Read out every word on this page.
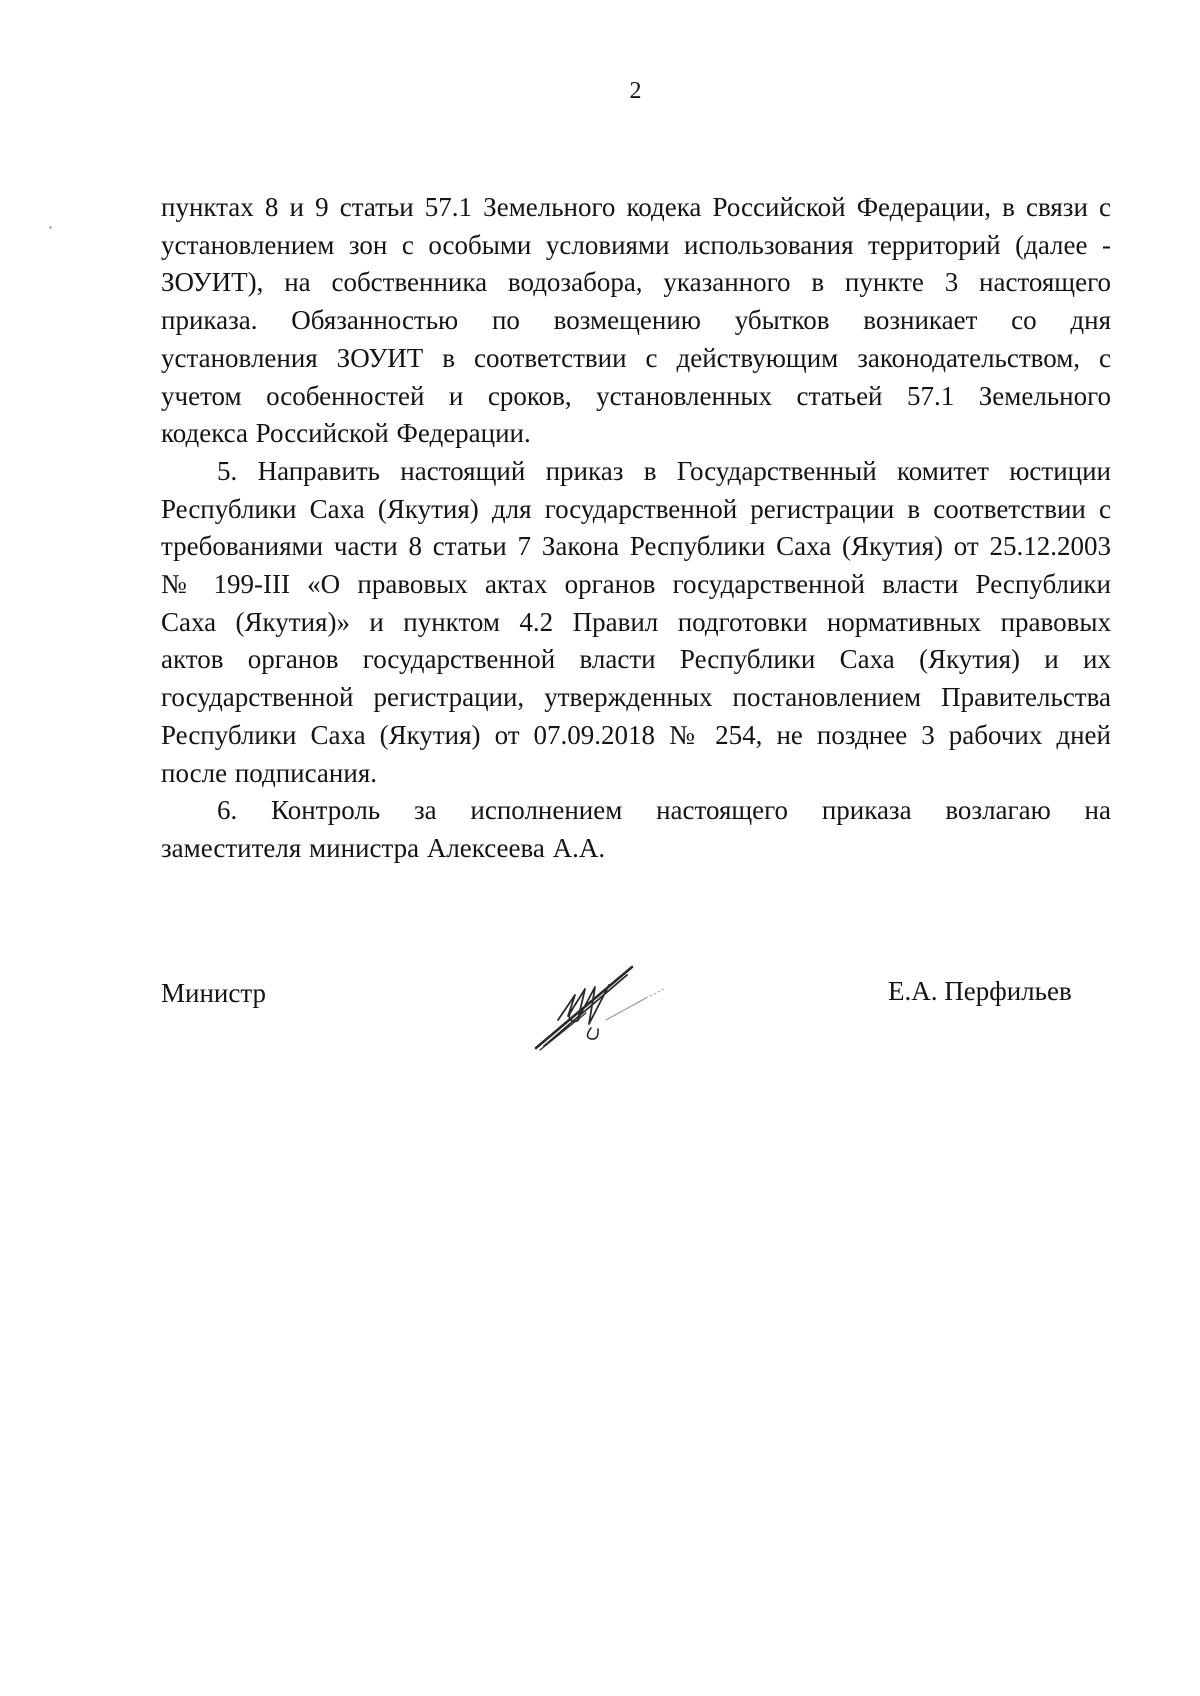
2
пунктах 8 и 9 статьи 57.1 Земельного кодека Российской Федерации, в связи с
установлением зон с особыми условиями использования территорий (далее -
ЗОУИТ), на собственника водозабора, указанного в пункте 3 настоящего
приказа. Обязанностью по возмещению убытков возникает со дня
установления ЗОУИТ в соответствии с действующим законодательством, с
учетом особенностей и сроков, установленных статьей 57.1 Земельного
кодекса Российской Федерации.
5. Направить настоящий приказ в Государственный комитет юстиции
Республики Саха (Якутия) для государственной регистрации в соответствии с
требованиями части 8 статьи 7 Закона Республики Саха (Якутия) от 25.12.2003
№ 199-III «О правовых актах органов государственной власти Республики
Саха (Якутия)» и пунктом 4.2 Правил подготовки нормативных правовых
актов органов государственной власти Республики Саха (Якутия) и их
государственной регистрации, утвержденных постановлением Правительства
Республики Саха (Якутия) от 07.09.2018 № 254, не позднее 3 рабочих дней
после подписания.
6. Контроль за исполнением настоящего приказа возлагаю на
заместителя министра Алексеева А.А.
Министр	Е.А. Перфильев
